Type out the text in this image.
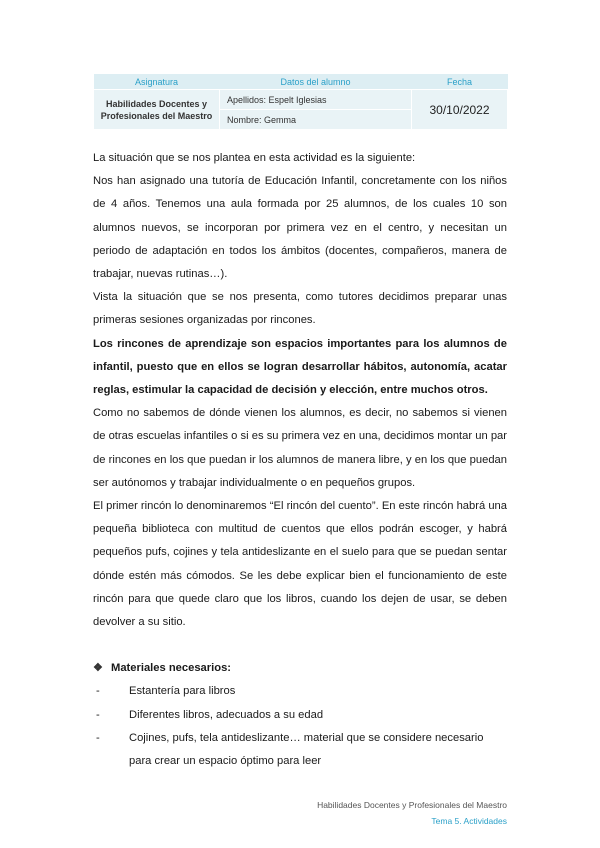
Asignatura	Datos del alumno	Fecha
Habilidades Docentes y Profesionales del Maestro	Apellidos: Espelt Iglesias	30/10/2022
	Nombre: Gemma	

La situación que se nos plantea en esta actividad es la siguiente:

Nos han asignado una tutoría de Educación Infantil, concretamente con los niños de 4 años. Tenemos una aula formada por 25 alumnos, de los cuales 10 son alumnos nuevos, se incorporan por primera vez en el centro, y necesitan un periodo de adaptación en todos los ámbitos (docentes, compañeros, manera de trabajar, nuevas rutinas…).

Vista la situación que se nos presenta, como tutores decidimos preparar unas primeras sesiones organizadas por rincones.

Los rincones de aprendizaje son espacios importantes para los alumnos de infantil, puesto que en ellos se logran desarrollar hábitos, autonomía, acatar reglas, estimular la capacidad de decisión y elección, entre muchos otros.

Como no sabemos de dónde vienen los alumnos, es decir, no sabemos si vienen de otras escuelas infantiles o si es su primera vez en una, decidimos montar un par de rincones en los que puedan ir los alumnos de manera libre, y en los que puedan ser autónomos y trabajar individualmente o en pequeños grupos.

El primer rincón lo denominaremos “El rincón del cuento”. En este rincón habrá una pequeña biblioteca con multitud de cuentos que ellos podrán escoger, y habrá pequeños pufs, cojines y tela antideslizante en el suelo para que se puedan sentar dónde estén más cómodos. Se les debe explicar bien el funcionamiento de este rincón para que quede claro que los libros, cuando los dejen de usar, se deben devolver a su sitio.

❖ Materiales necesarios:

-	Estantería para libros

-	Diferentes libros, adecuados a su edad

-	Cojines, pufs, tela antideslizante… material que se considere necesario para crear un espacio óptimo para leer

Habilidades Docentes y Profesionales del Maestro
Tema 5. Actividades
